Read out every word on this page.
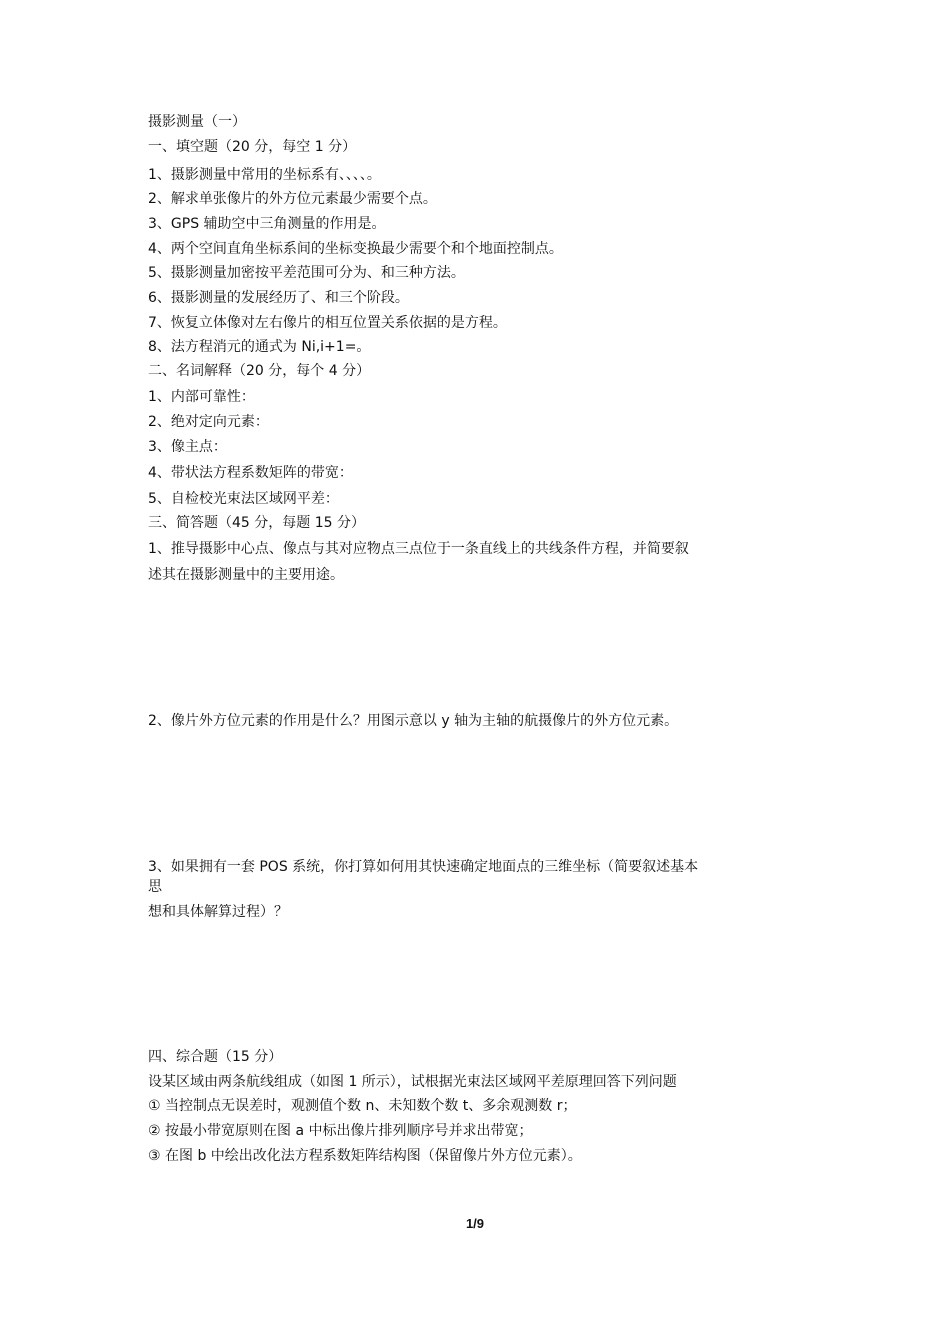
摄影测量（一）
一、填空题（20 分，每空 1 分）
1、摄影测量中常用的坐标系有、、、、。
2、解求单张像片的外方位元素最少需要个点。
3、GPS 辅助空中三角测量的作用是。
4、两个空间直角坐标系间的坐标变换最少需要个和个地面控制点。
5、摄影测量加密按平差范围可分为、和三种方法。
6、摄影测量的发展经历了、和三个阶段。
7、恢复立体像对左右像片的相互位置关系依据的是方程。
8、法方程消元的通式为 Ni,i+1=。
二、名词解释（20 分，每个 4 分）
1、内部可靠性：
2、绝对定向元素：
3、像主点：
4、带状法方程系数矩阵的带宽：
5、自检校光束法区域网平差：
三、简答题（45 分，每题 15 分）
1、推导摄影中心点、像点与其对应物点三点位于一条直线上的共线条件方程，并简要叙
述其在摄影测量中的主要用途。
2、像片外方位元素的作用是什么？用图示意以 y 轴为主轴的航摄像片的外方位元素。
3、如果拥有一套 POS 系统，你打算如何用其快速确定地面点的三维坐标（简要叙述基本
思
想和具体解算过程）？
四、综合题（15 分）
设某区域由两条航线组成（如图 1 所示），试根据光束法区域网平差原理回答下列问题
① 当控制点无误差时，观测值个数 n、未知数个数 t、多余观测数 r；
② 按最小带宽原则在图 a 中标出像片排列顺序号并求出带宽；
③ 在图 b 中绘出改化法方程系数矩阵结构图（保留像片外方位元素）。
1/9
